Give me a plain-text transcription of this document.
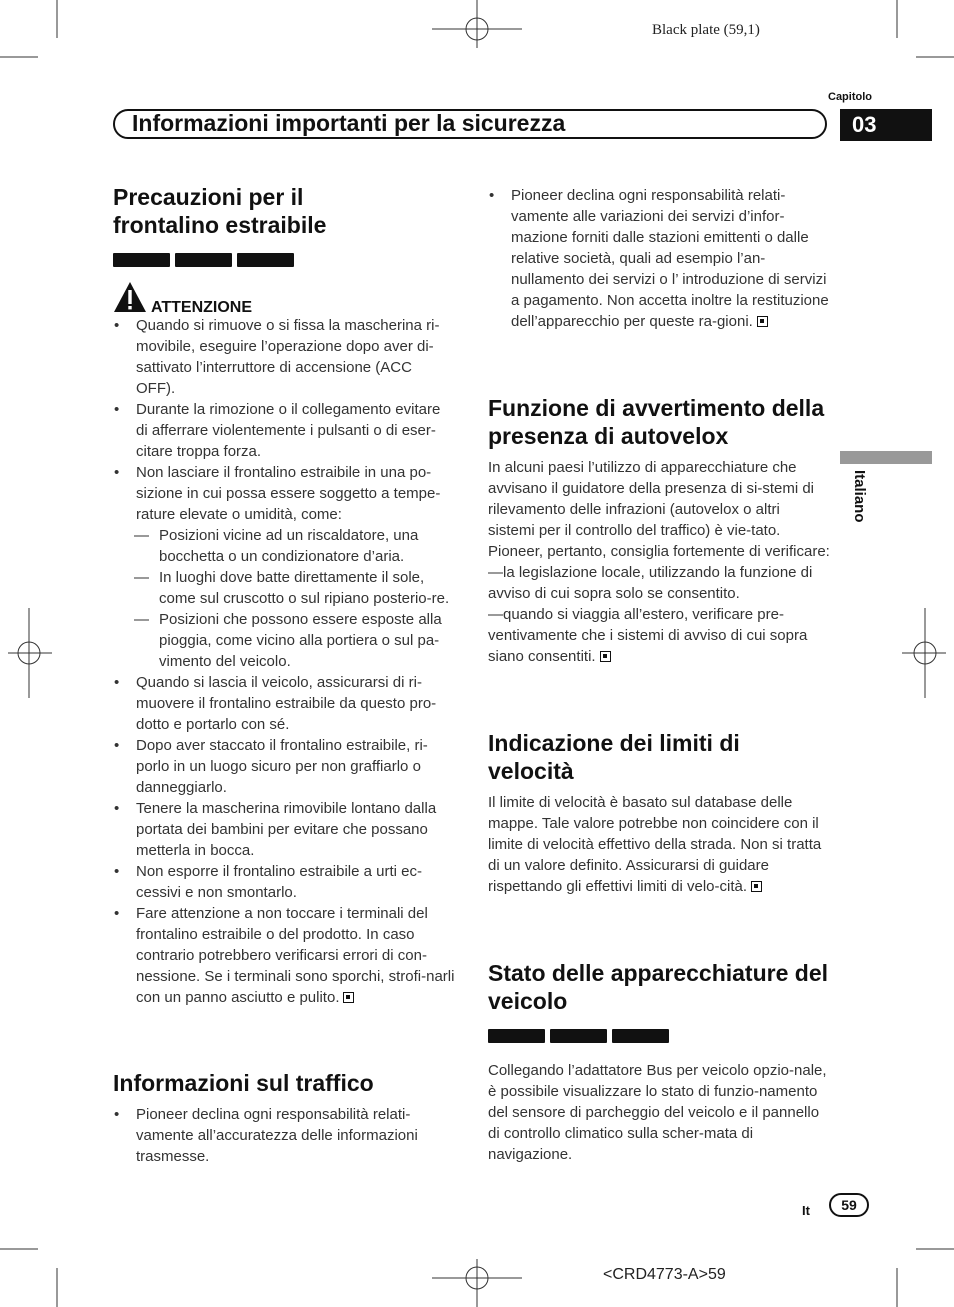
Black plate (59,1)
Capitolo
Informazioni importanti per la sicurezza	03
Italiano
Precauzioni per il frontalino estraibile
ATTENZIONE
• Quando si rimuove o si fissa la mascherina ri-movibile, eseguire l’operazione dopo aver di-sattivato l’interruttore di accensione (ACC OFF).
• Durante la rimozione o il collegamento evitare di afferrare violentemente i pulsanti o di eser-citare troppa forza.
• Non lasciare il frontalino estraibile in una po-sizione in cui possa essere soggetto a tempe-rature elevate o umidità, come:
— Posizioni vicine ad un riscaldatore, una bocchetta o un condizionatore d’aria.
— In luoghi dove batte direttamente il sole, come sul cruscotto o sul ripiano posterio-re.
— Posizioni che possono essere esposte alla pioggia, come vicino alla portiera o sul pa-vimento del veicolo.
• Quando si lascia il veicolo, assicurarsi di ri-muovere il frontalino estraibile da questo pro-dotto e portarlo con sé.
• Dopo aver staccato il frontalino estraibile, ri-porlo in un luogo sicuro per non graffiarlo o danneggiarlo.
• Tenere la mascherina rimovibile lontano dalla portata dei bambini per evitare che possano metterla in bocca.
• Non esporre il frontalino estraibile a urti ec-cessivi e non smontarlo.
• Fare attenzione a non toccare i terminali del frontalino estraibile o del prodotto. In caso contrario potrebbero verificarsi errori di con-nessione. Se i terminali sono sporchi, strofi-narli con un panno asciutto e pulito.
Informazioni sul traffico
• Pioneer declina ogni responsabilità relati-vamente all’accuratezza delle informazioni trasmesse.
• Pioneer declina ogni responsabilità relati-vamente alle variazioni dei servizi d’infor-mazione forniti dalle stazioni emittenti o dalle relative società, quali ad esempio l’an-nullamento dei servizi o l’ introduzione di servizi a pagamento. Non accetta inoltre la restituzione dell’apparecchio per queste ra-gioni.
Funzione di avvertimento della presenza di autovelox

In alcuni paesi l’utilizzo di apparecchiature che avvisano il guidatore della presenza di si-stemi di rilevamento delle infrazioni (autovelox o altri sistemi per il controllo del traffico) è vie-tato. Pioneer, pertanto, consiglia fortemente di verificare:

—la legislazione locale, utilizzando la funzione di avviso di cui sopra solo se consentito.

—quando si viaggia all’estero, verificare pre-ventivamente che i sistemi di avviso di cui sopra siano consentiti.

Indicazione dei limiti di velocità

Il limite di velocità è basato sul database delle mappe. Tale valore potrebbe non coincidere con il limite di velocità effettivo della strada. Non si tratta di un valore definito. Assicurarsi di guidare rispettando gli effettivi limiti di velo-cità.

Stato delle apparecchiature del veicolo

Collegando l’adattatore Bus per veicolo opzio-nale, è possibile visualizzare lo stato di funzio-namento del sensore di parcheggio del veicolo e il pannello di controllo climatico sulla scher-mata di navigazione.

It	59
<CRD4773-A>59
